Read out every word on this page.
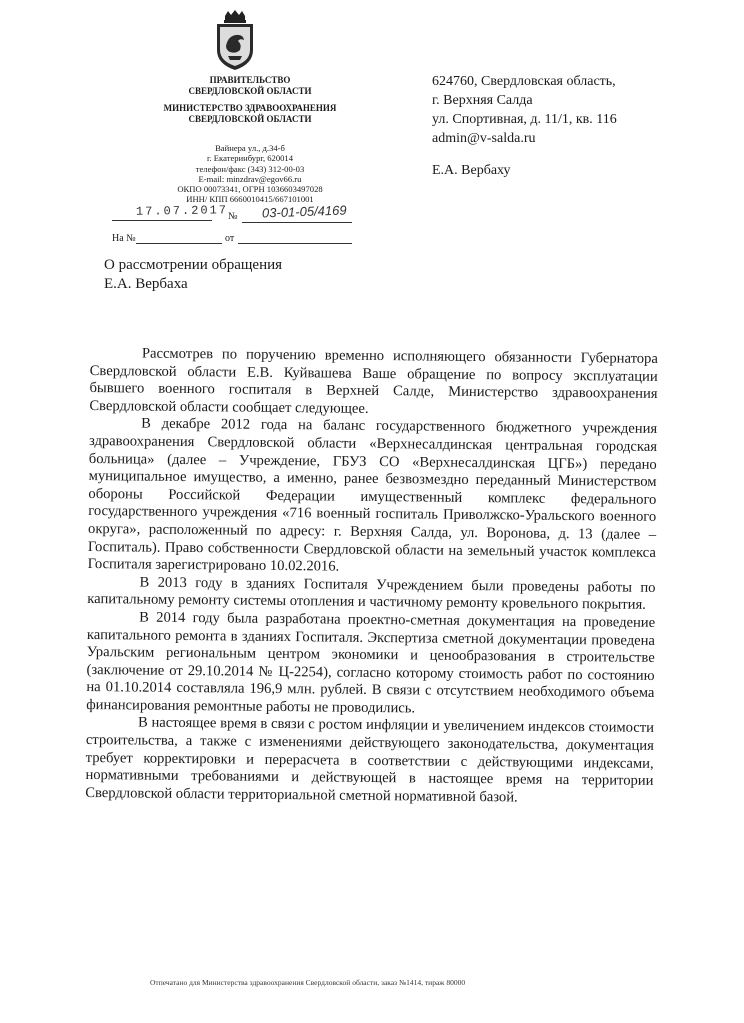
ПРАВИТЕЛЬСТВО
СВЕРДЛОВСКОЙ ОБЛАСТИ
МИНИСТЕРСТВО ЗДРАВООХРАНЕНИЯ
СВЕРДЛОВСКОЙ ОБЛАСТИ
Вайнера ул., д.34-б
г. Екатеринбург, 620014
телефон/факс (343) 312-00-03
E-mail: minzdrav@egov66.ru
ОКПО 00073341, ОГРН 1036603497028
ИНН/ КПП 6660010415/667101001
17.07.2017 № 03-01-05/4169
На №	от
624760, Свердловская область,
г. Верхняя Салда
ул. Спортивная, д. 11/1, кв. 116
admin@v-salda.ru
Е.А. Вербаху
О рассмотрении обращения
Е.А. Вербаха

Рассмотрев по поручению временно исполняющего обязанности Губернатора Свердловской области Е.В. Куйвашева Ваше обращение по вопросу эксплуатации бывшего военного госпиталя в Верхней Салде, Министерство здравоохранения Свердловской области сообщает следующее.

В декабре 2012 года на баланс государственного бюджетного учреждения здравоохранения Свердловской области «Верхнесалдинская центральная городская больница» (далее – Учреждение, ГБУЗ СО «Верхнесалдинская ЦГБ») передано муниципальное имущество, а именно, ранее безвозмездно переданный Министерством обороны Российской Федерации имущественный комплекс федерального государственного учреждения «716 военный госпиталь Приволжско-Уральского военного округа», расположенный по адресу: г. Верхняя Салда, ул. Воронова, д. 13 (далее – Госпиталь). Право собственности Свердловской области на земельный участок комплекса Госпиталя зарегистрировано 10.02.2016.

В 2013 году в зданиях Госпиталя Учреждением были проведены работы по капитальному ремонту системы отопления и частичному ремонту кровельного покрытия.

В 2014 году была разработана проектно-сметная документация на проведение капитального ремонта в зданиях Госпиталя. Экспертиза сметной документации проведена Уральским региональным центром экономики и ценообразования в строительстве (заключение от 29.10.2014 № Ц-2254), согласно которому стоимость работ по состоянию на 01.10.2014 составляла 196,9 млн. рублей. В связи с отсутствием необходимого объема финансирования ремонтные работы не проводились.

В настоящее время в связи с ростом инфляции и увеличением индексов стоимости строительства, а также с изменениями действующего законодательства, документация требует корректировки и перерасчета в соответствии с действующими индексами, нормативными требованиями и действующей в настоящее время на территории Свердловской области территориальной сметной нормативной базой.

Отпечатано для Министерства здравоохранения Свердловской области, заказ №1414, тираж 80000
